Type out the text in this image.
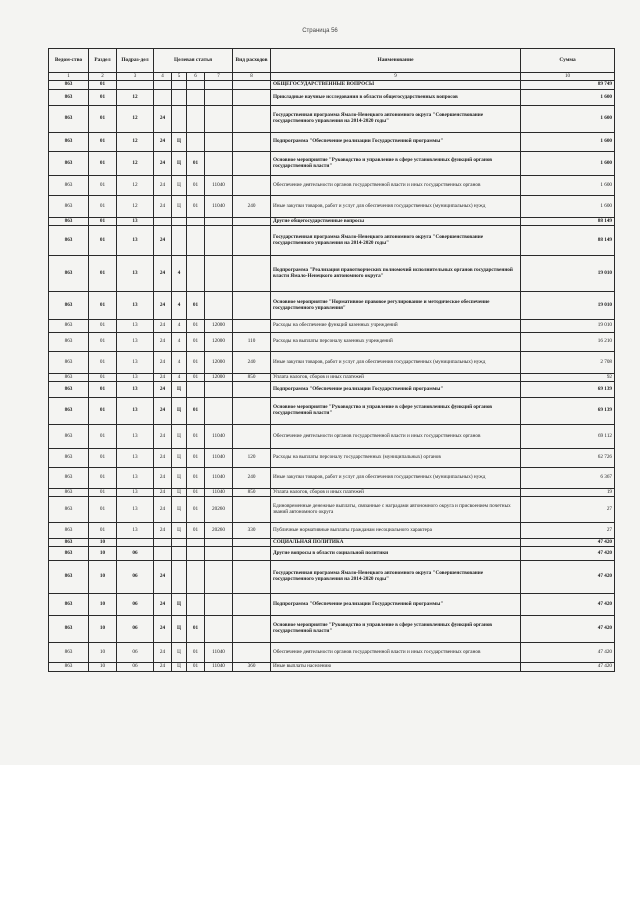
Страница 56
Ведом-ство	Раздел	Подраз-дел	Целевая статья				Вид расходов	Наименование	Сумма
1	2	3	4	5	6	7	8	9	10
863	01							ОБЩЕГОСУДАРСТВЕННЫЕ ВОПРОСЫ	89 749
863	01	12						Прикладные научные исследования в области общегосударственных вопросов	1 600
863	01	12	24					Государственная программа Ямало-Ненецкого автономного округа "Совершенствование государственного управления на 2014-2020 годы"	1 600
863	01	12	24	Ц				Подпрограмма "Обеспечение реализации Государственной программы"	1 600
863	01	12	24	Ц	01			Основное мероприятие "Руководство и управление в сфере установленных функций органов государственной власти"	1 600
863	01	12	24	Ц	01	11040		Обеспечение деятельности органов государственной власти и иных государственных органов	1 600
863	01	12	24	Ц	01	11040	240	Иные закупки товаров, работ и услуг для обеспечения государственных (муниципальных) нужд	1 600
863	01	13						Другие общегосударственные вопросы	88 149
863	01	13	24					Государственная программа Ямало-Ненецкого автономного округа "Совершенствование государственного управления на 2014-2020 годы"	88 149
863	01	13	24	4				Подпрограмма "Реализация правотворческих полномочий исполнительных органов государственной власти Ямало-Ненецкого автономного округа"	19 010
863	01	13	24	4	01			Основное мероприятие "Нормативное правовое регулирование и методическое обеспечение государственного управления"	19 010
863	01	13	24	4	01	12000		Расходы на обеспечение функций казенных учреждений	19 010
863	01	13	24	4	01	12000	110	Расходы на выплаты персоналу казенных учреждений	16 210
863	01	13	24	4	01	12000	240	Иные закупки товаров, работ и услуг для обеспечения государственных (муниципальных) нужд	2 708
863	01	13	24	4	01	12000	850	Уплата налогов, сборов и иных платежей	92
863	01	13	24	Ц				Подпрограмма "Обеспечение реализации Государственной программы"	69 139
863	01	13	24	Ц	01			Основное мероприятие "Руководство и управление в сфере установленных функций органов государственной власти"	69 139
863	01	13	24	Ц	01	11040		Обеспечение деятельности органов государственной власти и иных государственных органов	69 112
863	01	13	24	Ц	01	11040	120	Расходы на выплаты персоналу государственных (муниципальных) органов	62 726
863	01	13	24	Ц	01	11040	240	Иные закупки товаров, работ и услуг для обеспечения государственных (муниципальных) нужд	6 367
863	01	13	24	Ц	01	11040	850	Уплата налогов, сборов и иных платежей	19
863	01	13	24	Ц	01	20260		Единовременные денежные выплаты, связанные с наградами автономного округа и присвоением почетных званий автономного округа	27
863	01	13	24	Ц	01	20260	330	Публичные нормативные выплаты гражданам несоциального характера	27
863	10							СОЦИАЛЬНАЯ ПОЛИТИКА	47 420
863	10	06						Другие вопросы в области социальной политики	47 420
863	10	06	24					Государственная программа Ямало-Ненецкого автономного округа "Совершенствование государственного управления на 2014-2020 годы"	47 420
863	10	06	24	Ц				Подпрограмма "Обеспечение реализации Государственной программы"	47 420
863	10	06	24	Ц	01			Основное мероприятие "Руководство и управление в сфере установленных функций органов государственной власти"	47 420
863	10	06	24	Ц	01	11040		Обеспечение деятельности органов государственной власти и иных государственных органов	47 420
863	10	06	24	Ц	01	11040	360	Иные выплаты населению	47 420
